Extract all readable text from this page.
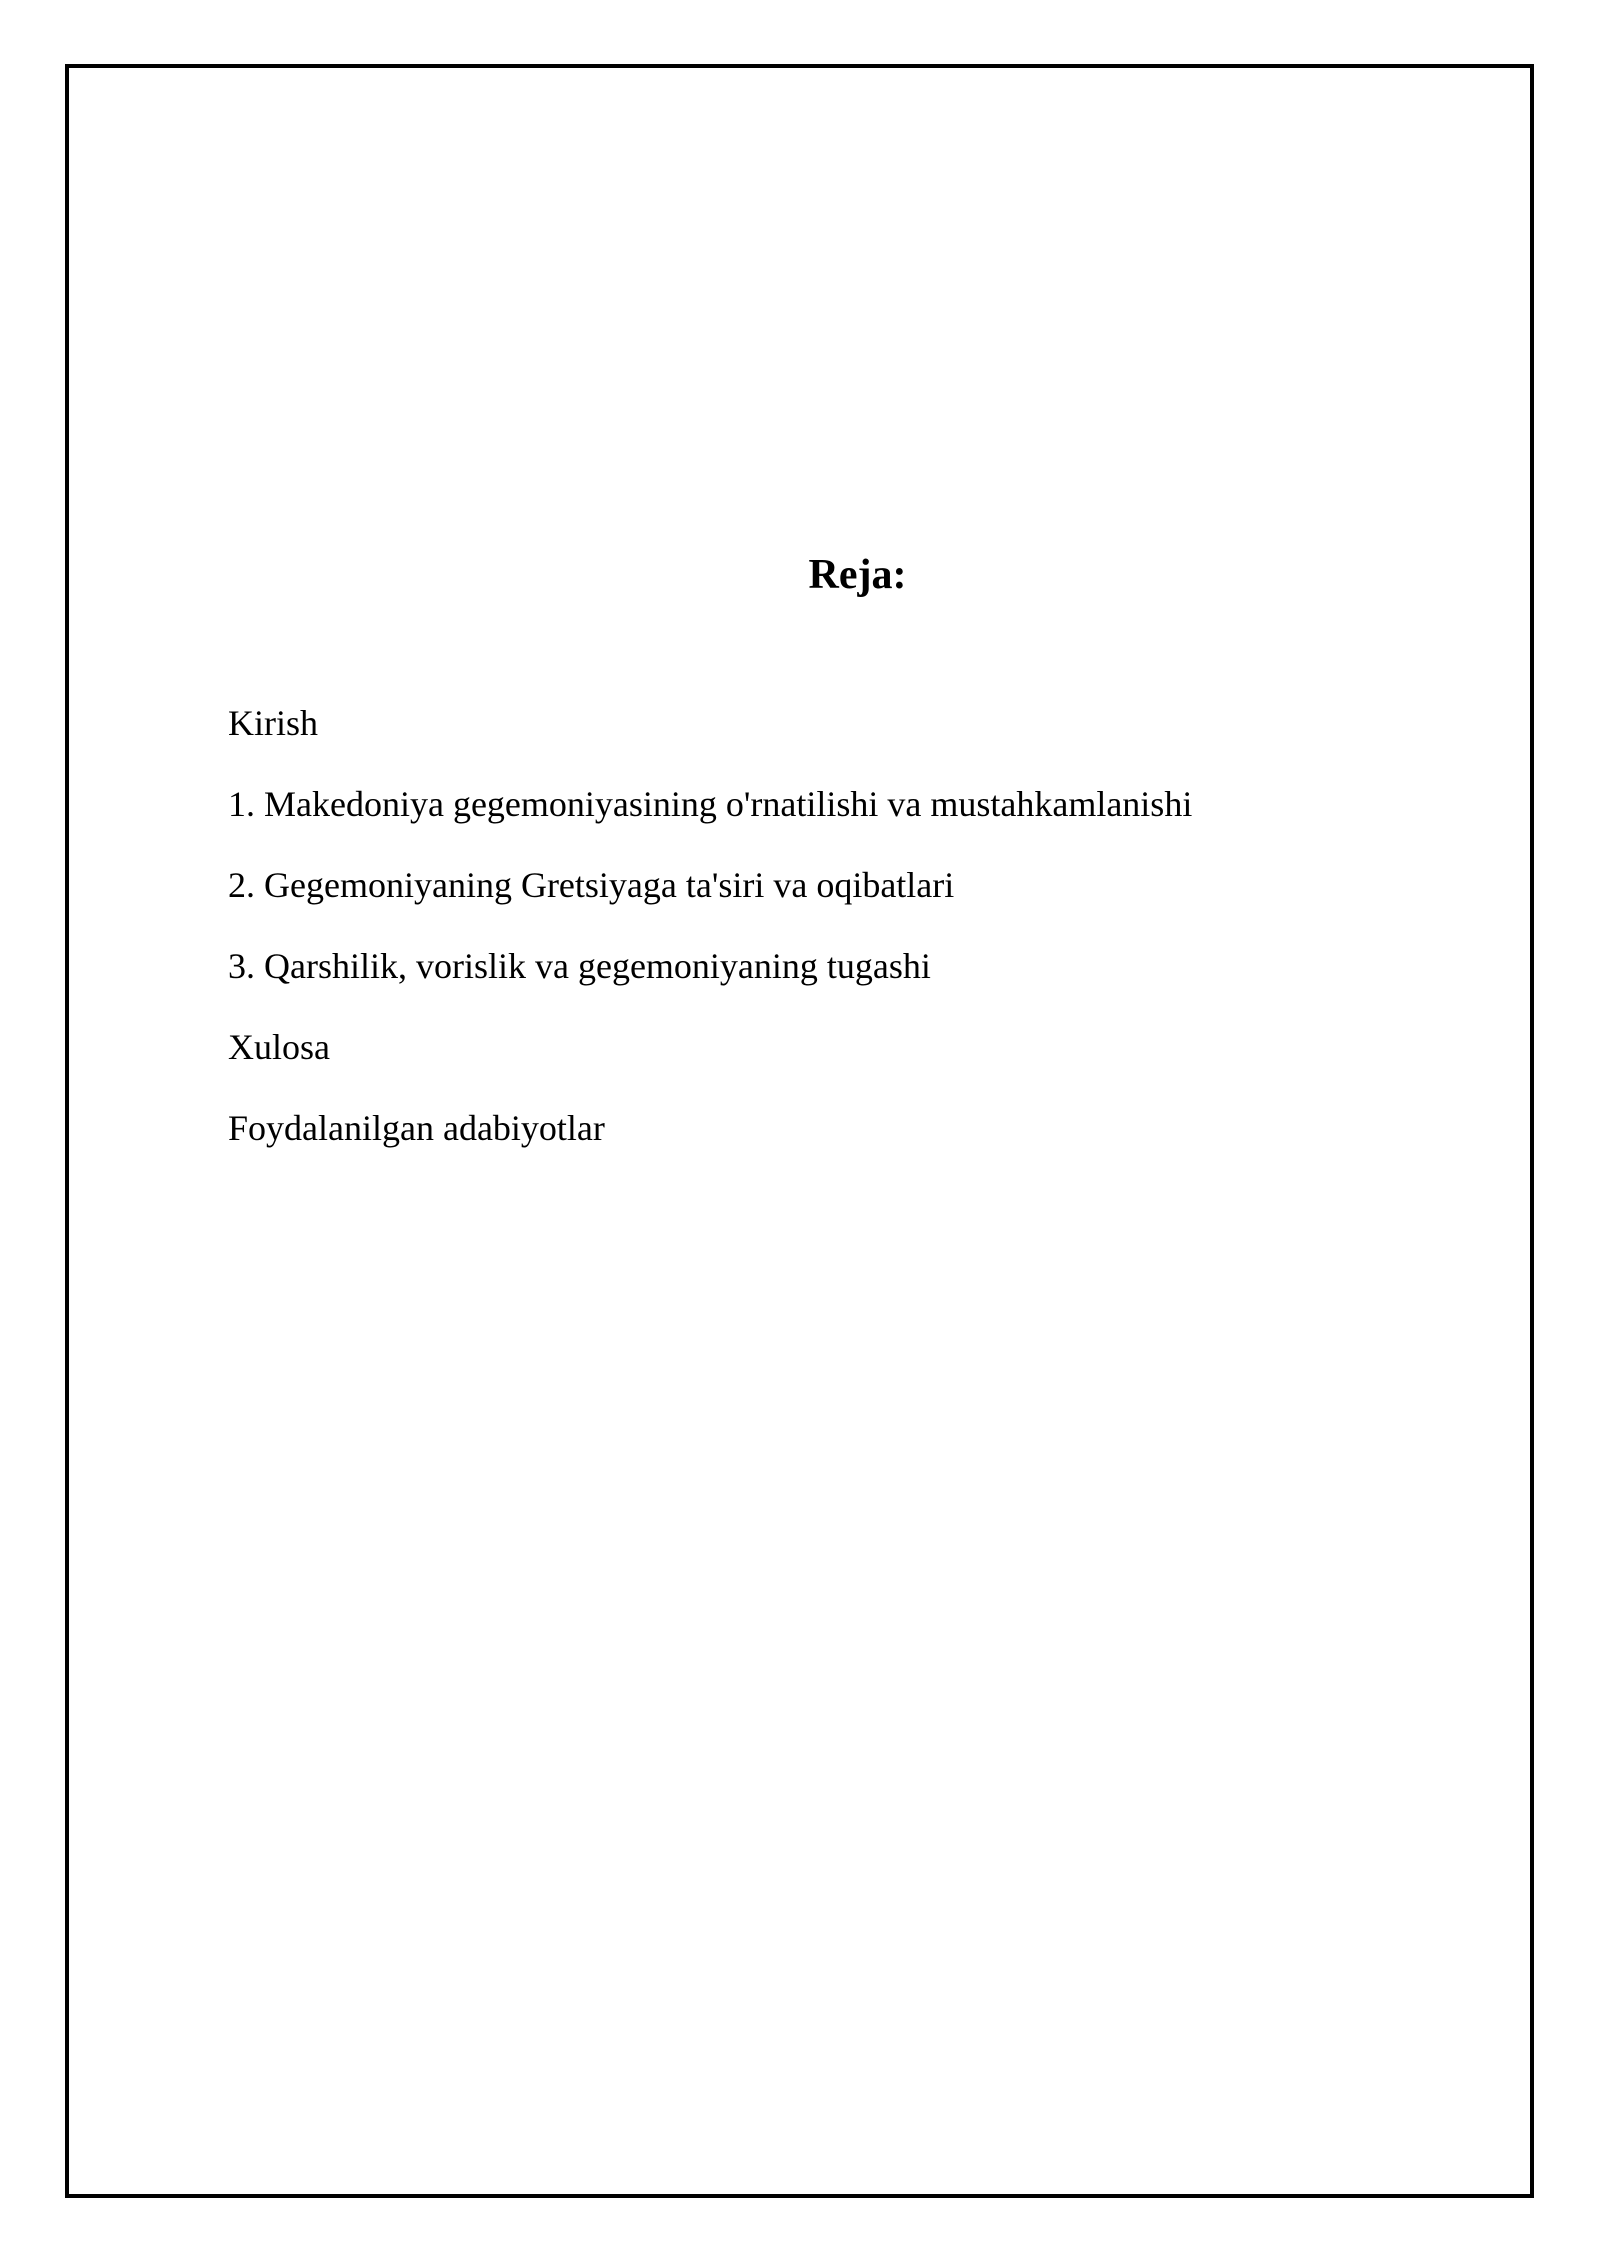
Reja:
Kirish
1. Makedoniya gegemoniyasining o'rnatilishi va mustahkamlanishi
2. Gegemoniyaning Gretsiyaga ta'siri va oqibatlari
3. Qarshilik, vorislik va gegemoniyaning tugashi
Xulosa
Foydalanilgan adabiyotlar
